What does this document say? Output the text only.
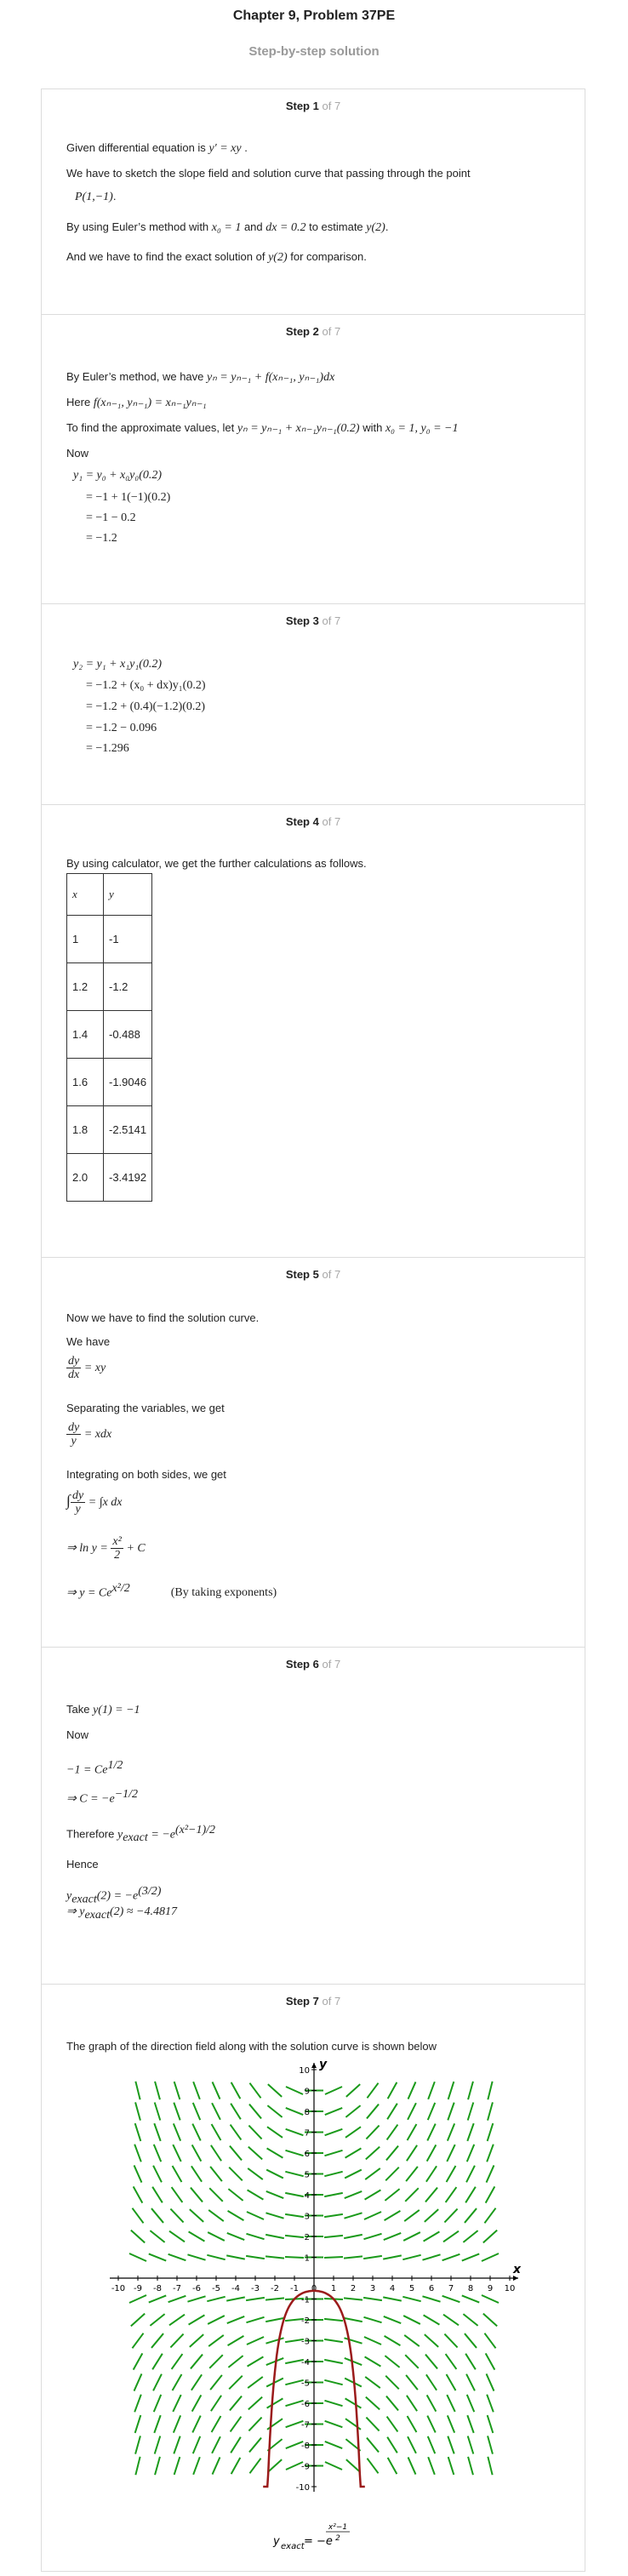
Chapter 9, Problem 37PE
Step-by-step solution
Step 1 of 7
Given differential equation is y′ = xy .
We have to sketch the slope field and solution curve that passing through the point
P(1,−1).
By using Euler’s method with x₀ = 1 and dx = 0.2 to estimate y(2).
And we have to find the exact solution of y(2) for comparison.
Step 2 of 7
By Euler’s method, we have yₙ = yₙ₋₁ + f(xₙ₋₁, yₙ₋₁)dx
Here f(xₙ₋₁, yₙ₋₁) = xₙ₋₁yₙ₋₁
To find the approximate values, let yₙ = yₙ₋₁ + xₙ₋₁yₙ₋₁(0.2) with x₀ = 1, y₀ = −1
Now
y₁ = y₀ + x₀y₀(0.2)
= −1 + 1(−1)(0.2)
= −1 − 0.2
= −1.2
Step 3 of 7
y₂ = y₁ + x₁y₁(0.2)
= −1.2 + (x₀ + dx)y₁(0.2)
= −1.2 + (0.4)(−1.2)(0.2)
= −1.2 − 0.096
= −1.296
Step 4 of 7
By using calculator, we get the further calculations as follows.
x	y
1	-1
1.2	-1.2
1.4	-0.488
1.6	-1.9046
1.8	-2.5141
2.0	-3.4192
Step 5 of 7
Now we have to find the solution curve.
We have
$\frac{dy}{dx}$ = xy
Separating the variables, we get
$\frac{dy}{y}$ = xdx
Integrating on both sides, we get
∫ $\frac{dy}{y} = \int x$ dx
⇒ $\ln y = \frac{\text{x²}}{2} + C$
⇒ $y = Ce^{x^2/2}$	(By taking exponents)
Step 6 of 7
Take y(1) = −1
Now
$-1 = Ce^{1/2}$
⇒ $C = -e^{-1/2}$
Therefore $y_{exact} = -e^{(x^2-1)/2}$
Hence
$y_{exact}(2) = -e^{(3/2)}$
⇒ $y_{exact}(2) \approx -4.4817$
Step 7 of 7
The graph of the direction field along with the solution curve is shown below
x
y
-10 -9 -8 -7 -6 -5 -4 -3 -2 -1 0 1 2 3 4 5 6 7 8 9 10
10
9
8
7
6
5
4
3
2
1
-1
-2
-3
-4
-5
-6
-7
-8
-9
-10
y exact = −e
x²−1
2
